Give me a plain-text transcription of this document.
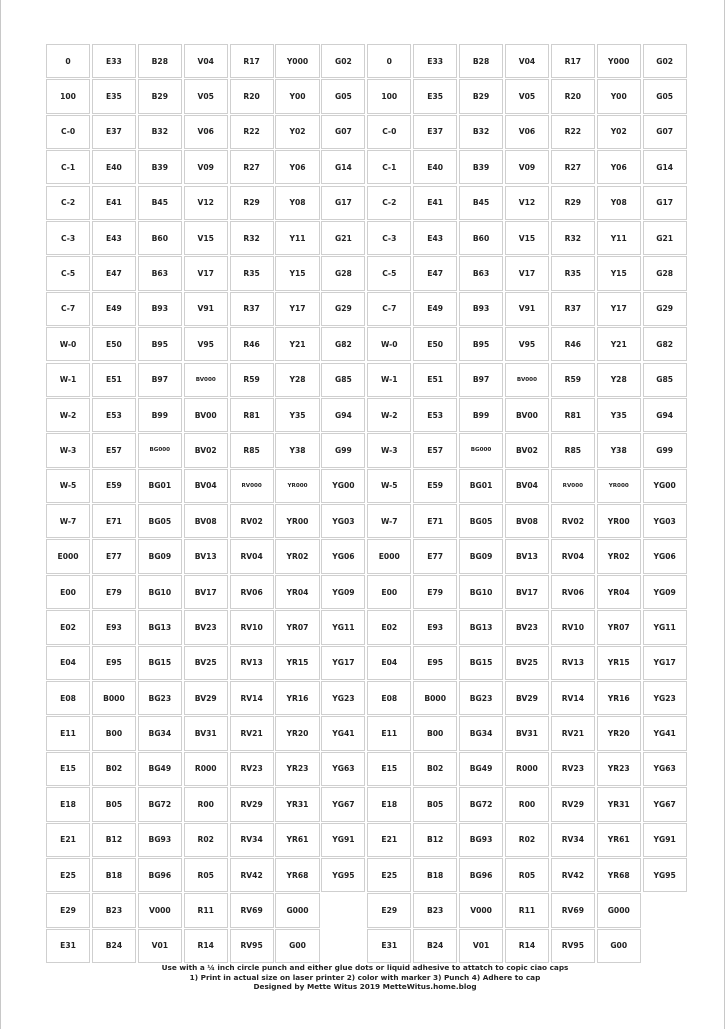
0	E33	B28	V04	R17	Y000	G02	0	E33	B28	V04	R17	Y000	G02
100	E35	B29	V05	R20	Y00	G05	100	E35	B29	V05	R20	Y00	G05
C-0	E37	B32	V06	R22	Y02	G07	C-0	E37	B32	V06	R22	Y02	G07
C-1	E40	B39	V09	R27	Y06	G14	C-1	E40	B39	V09	R27	Y06	G14
C-2	E41	B45	V12	R29	Y08	G17	C-2	E41	B45	V12	R29	Y08	G17
C-3	E43	B60	V15	R32	Y11	G21	C-3	E43	B60	V15	R32	Y11	G21
C-5	E47	B63	V17	R35	Y15	G28	C-5	E47	B63	V17	R35	Y15	G28
C-7	E49	B93	V91	R37	Y17	G29	C-7	E49	B93	V91	R37	Y17	G29
W-0	E50	B95	V95	R46	Y21	G82	W-0	E50	B95	V95	R46	Y21	G82
W-1	E51	B97	BV000	R59	Y28	G85	W-1	E51	B97	BV000	R59	Y28	G85
W-2	E53	B99	BV00	R81	Y35	G94	W-2	E53	B99	BV00	R81	Y35	G94
W-3	E57	BG000	BV02	R85	Y38	G99	W-3	E57	BG000	BV02	R85	Y38	G99
W-5	E59	BG01	BV04	RV000	YR000	YG00	W-5	E59	BG01	BV04	RV000	YR000	YG00
W-7	E71	BG05	BV08	RV02	YR00	YG03	W-7	E71	BG05	BV08	RV02	YR00	YG03
E000	E77	BG09	BV13	RV04	YR02	YG06	E000	E77	BG09	BV13	RV04	YR02	YG06
E00	E79	BG10	BV17	RV06	YR04	YG09	E00	E79	BG10	BV17	RV06	YR04	YG09
E02	E93	BG13	BV23	RV10	YR07	YG11	E02	E93	BG13	BV23	RV10	YR07	YG11
E04	E95	BG15	BV25	RV13	YR15	YG17	E04	E95	BG15	BV25	RV13	YR15	YG17
E08	B000	BG23	BV29	RV14	YR16	YG23	E08	B000	BG23	BV29	RV14	YR16	YG23
E11	B00	BG34	BV31	RV21	YR20	YG41	E11	B00	BG34	BV31	RV21	YR20	YG41
E15	B02	BG49	R000	RV23	YR23	YG63	E15	B02	BG49	R000	RV23	YR23	YG63
E18	B05	BG72	R00	RV29	YR31	YG67	E18	B05	BG72	R00	RV29	YR31	YG67
E21	B12	BG93	R02	RV34	YR61	YG91	E21	B12	BG93	R02	RV34	YR61	YG91
E25	B18	BG96	R05	RV42	YR68	YG95	E25	B18	BG96	R05	RV42	YR68	YG95
E29	B23	V000	R11	RV69	G000	E29	B23	V000	R11	RV69	G000
E31	B24	V01	R14	RV95	G00	E31	B24	V01	R14	RV95	G00
Use with a ¼ inch circle punch and either glue dots or liquid adhesive to attatch to copic ciao caps
1) Print in actual size on laser printer 2) color with marker 3) Punch 4) Adhere to cap
Designed by Mette Witus 2019 MetteWitus.home.blog
